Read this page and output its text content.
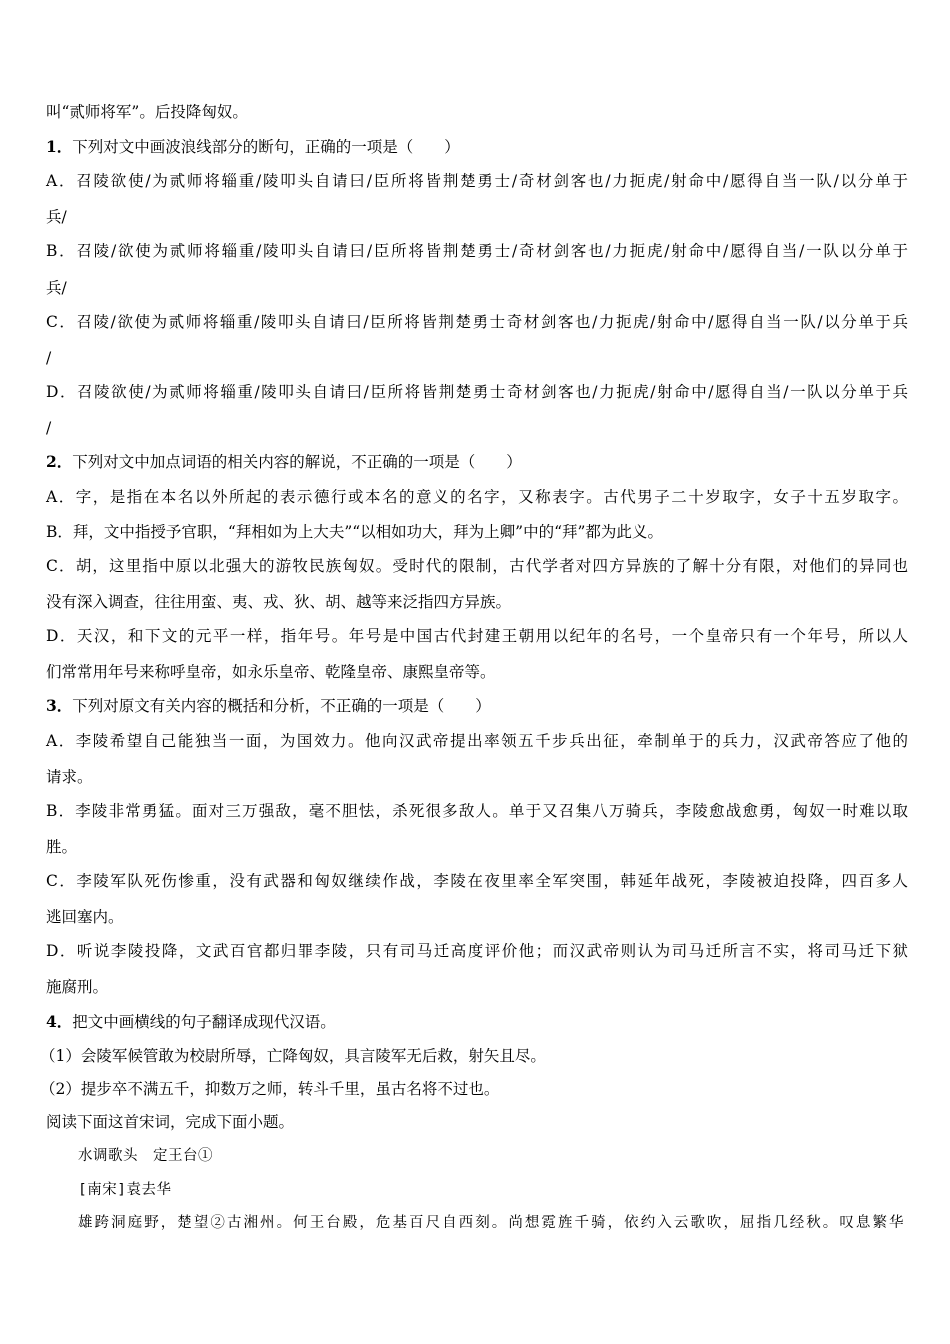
叫“贰师将军”。后投降匈奴。
1．下列对文中画波浪线部分的断句，正确的一项是（　　）
A．召陵欲使/为贰师将辎重/陵叩头自请曰/臣所将皆荆楚勇士/奇材剑客也/力扼虎/射命中/愿得自当一队/以分单于
兵/
B．召陵/欲使为贰师将辎重/陵叩头自请曰/臣所将皆荆楚勇士/奇材剑客也/力扼虎/射命中/愿得自当/一队以分单于
兵/
C．召陵/欲使为贰师将辎重/陵叩头自请曰/臣所将皆荆楚勇士奇材剑客也/力扼虎/射命中/愿得自当一队/以分单于兵
/
D．召陵欲使/为贰师将辎重/陵叩头自请曰/臣所将皆荆楚勇士奇材剑客也/力扼虎/射命中/愿得自当/一队以分单于兵
/
2．下列对文中加点词语的相关内容的解说，不正确的一项是（　　）
A．字，是指在本名以外所起的表示德行或本名的意义的名字，又称表字。古代男子二十岁取字，女子十五岁取字。
B．拜，文中指授予官职，“拜相如为上大夫”“以相如功大，拜为上卿”中的“拜”都为此义。
C．胡，这里指中原以北强大的游牧民族匈奴。受时代的限制，古代学者对四方异族的了解十分有限，对他们的异同也
没有深入调查，往往用蛮、夷、戎、狄、胡、越等来泛指四方异族。
D．天汉，和下文的元平一样，指年号。年号是中国古代封建王朝用以纪年的名号，一个皇帝只有一个年号，所以人
们常常用年号来称呼皇帝，如永乐皇帝、乾隆皇帝、康熙皇帝等。
3．下列对原文有关内容的概括和分析，不正确的一项是（　　）
A．李陵希望自己能独当一面，为国效力。他向汉武帝提出率领五千步兵出征，牵制单于的兵力，汉武帝答应了他的
请求。
B．李陵非常勇猛。面对三万强敌，毫不胆怯，杀死很多敌人。单于又召集八万骑兵，李陵愈战愈勇，匈奴一时难以取
胜。
C．李陵军队死伤惨重，没有武器和匈奴继续作战，李陵在夜里率全军突围，韩延年战死，李陵被迫投降，四百多人
逃回塞内。
D．听说李陵投降，文武百官都归罪李陵，只有司马迁高度评价他；而汉武帝则认为司马迁所言不实，将司马迁下狱
施腐刑。
4．把文中画横线的句子翻译成现代汉语。
（1）会陵军候管敢为校尉所辱，亡降匈奴，具言陵军无后救，射矢且尽。
（2）提步卒不满五千，抑数万之师，转斗千里，虽古名将不过也。
阅读下面这首宋词，完成下面小题。
水调歌头　定王台①
[南宋]袁去华
雄跨洞庭野，楚望②古湘州。何王台殿，危基百尺自西刻。尚想霓旌千骑，依约入云歌吹，屈指几经秋。叹息繁华
